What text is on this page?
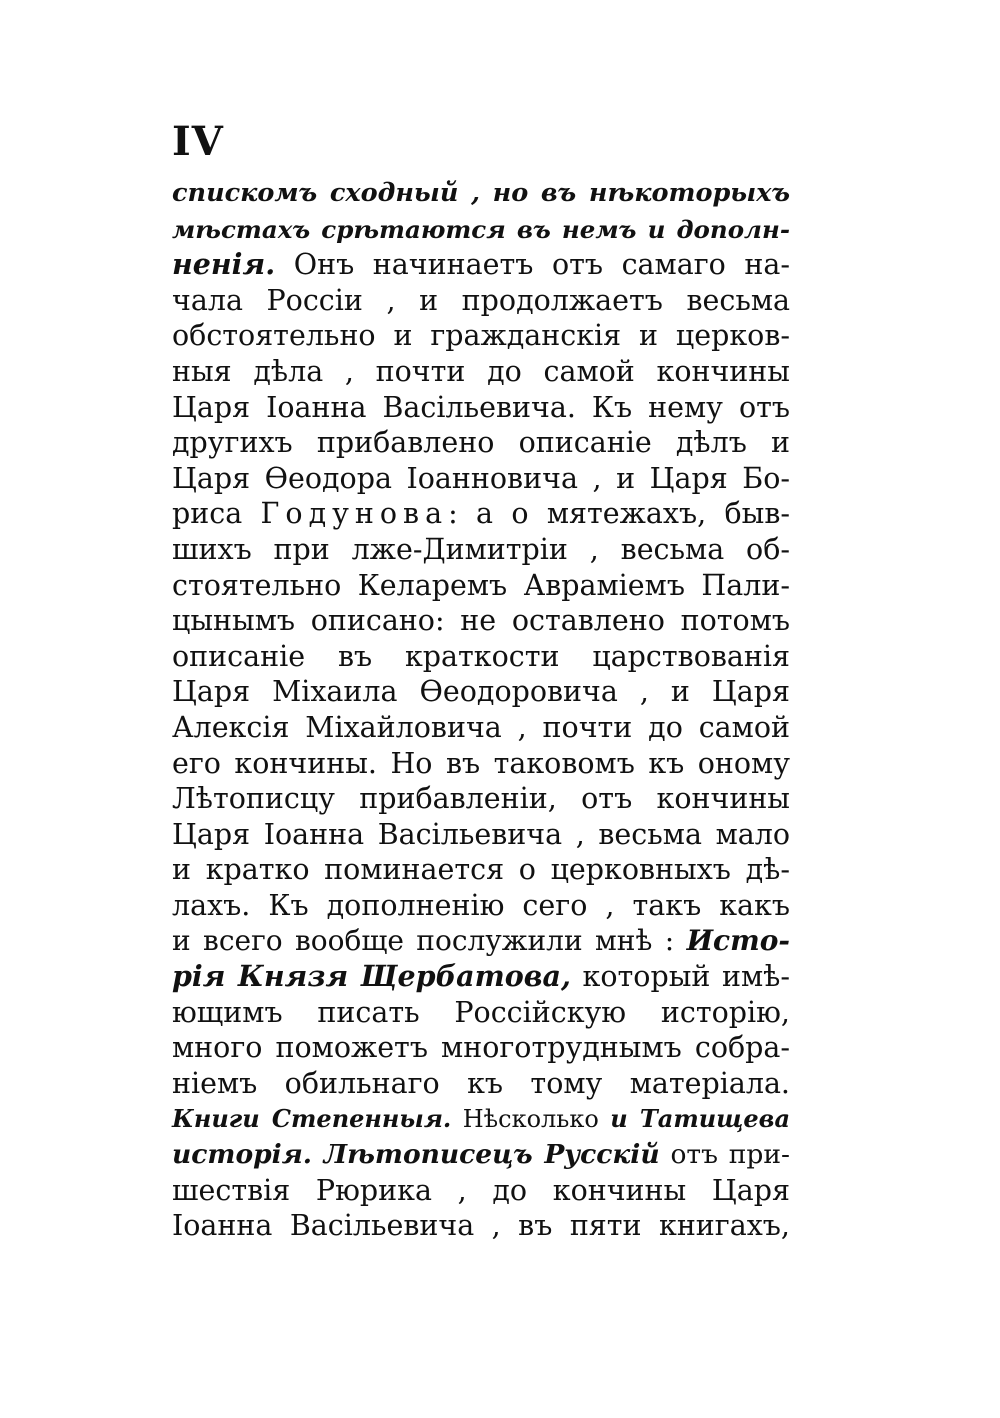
IV
спискомъ сходный , но въ нѣкоторыхъ
мѣстахъ срѣтаются въ немъ и дополн-
ненiя. Онъ начинаетъ отъ самаго на-
чала Россiи , и продолжаетъ весьма
обстоятельно и гражданскiя и церков-
ныя дѣла , почти до самой кончины
Царя Iоанна Васiльевича. Къ нему отъ
другихъ прибавлено описанiе дѣлъ и
Царя Ѳеодора Iоанновича , и Царя Бо-
риса Годунова: а о мятежахъ, быв-
шихъ при лже-Димитрiи , весьма об-
стоятельно Келаремъ Аврамiемъ Пали-
цынымъ описано: не оставлено потомъ
описанiе въ краткости царствованiя
Царя Мiхаила Ѳеодоровича , и Царя
Алексiя Мiхайловича , почти до самой
его кончины. Но въ таковомъ къ оному
Лѣтописцу прибавленiи, отъ кончины
Царя Iоанна Васiльевича , весьма мало
и кратко поминается о церковныхъ дѣ-
лахъ. Къ дополненiю сего , такъ какъ
и всего вообще послужили мнѣ : Исто-
рiя Князя Щербатова, который имѣ-
ющимъ писать Россiйскую исторiю,
много поможетъ многотруднымъ собра-
нiемъ обильнаго къ тому матерiала.
Книги Степенныя. Нѣсколько и Татищева
исторiя. Лѣтописецъ Русскiй отъ при-
шествiя Рюрика , до кончины Царя
Iоанна Васiльевича , въ пяти книгахъ,
